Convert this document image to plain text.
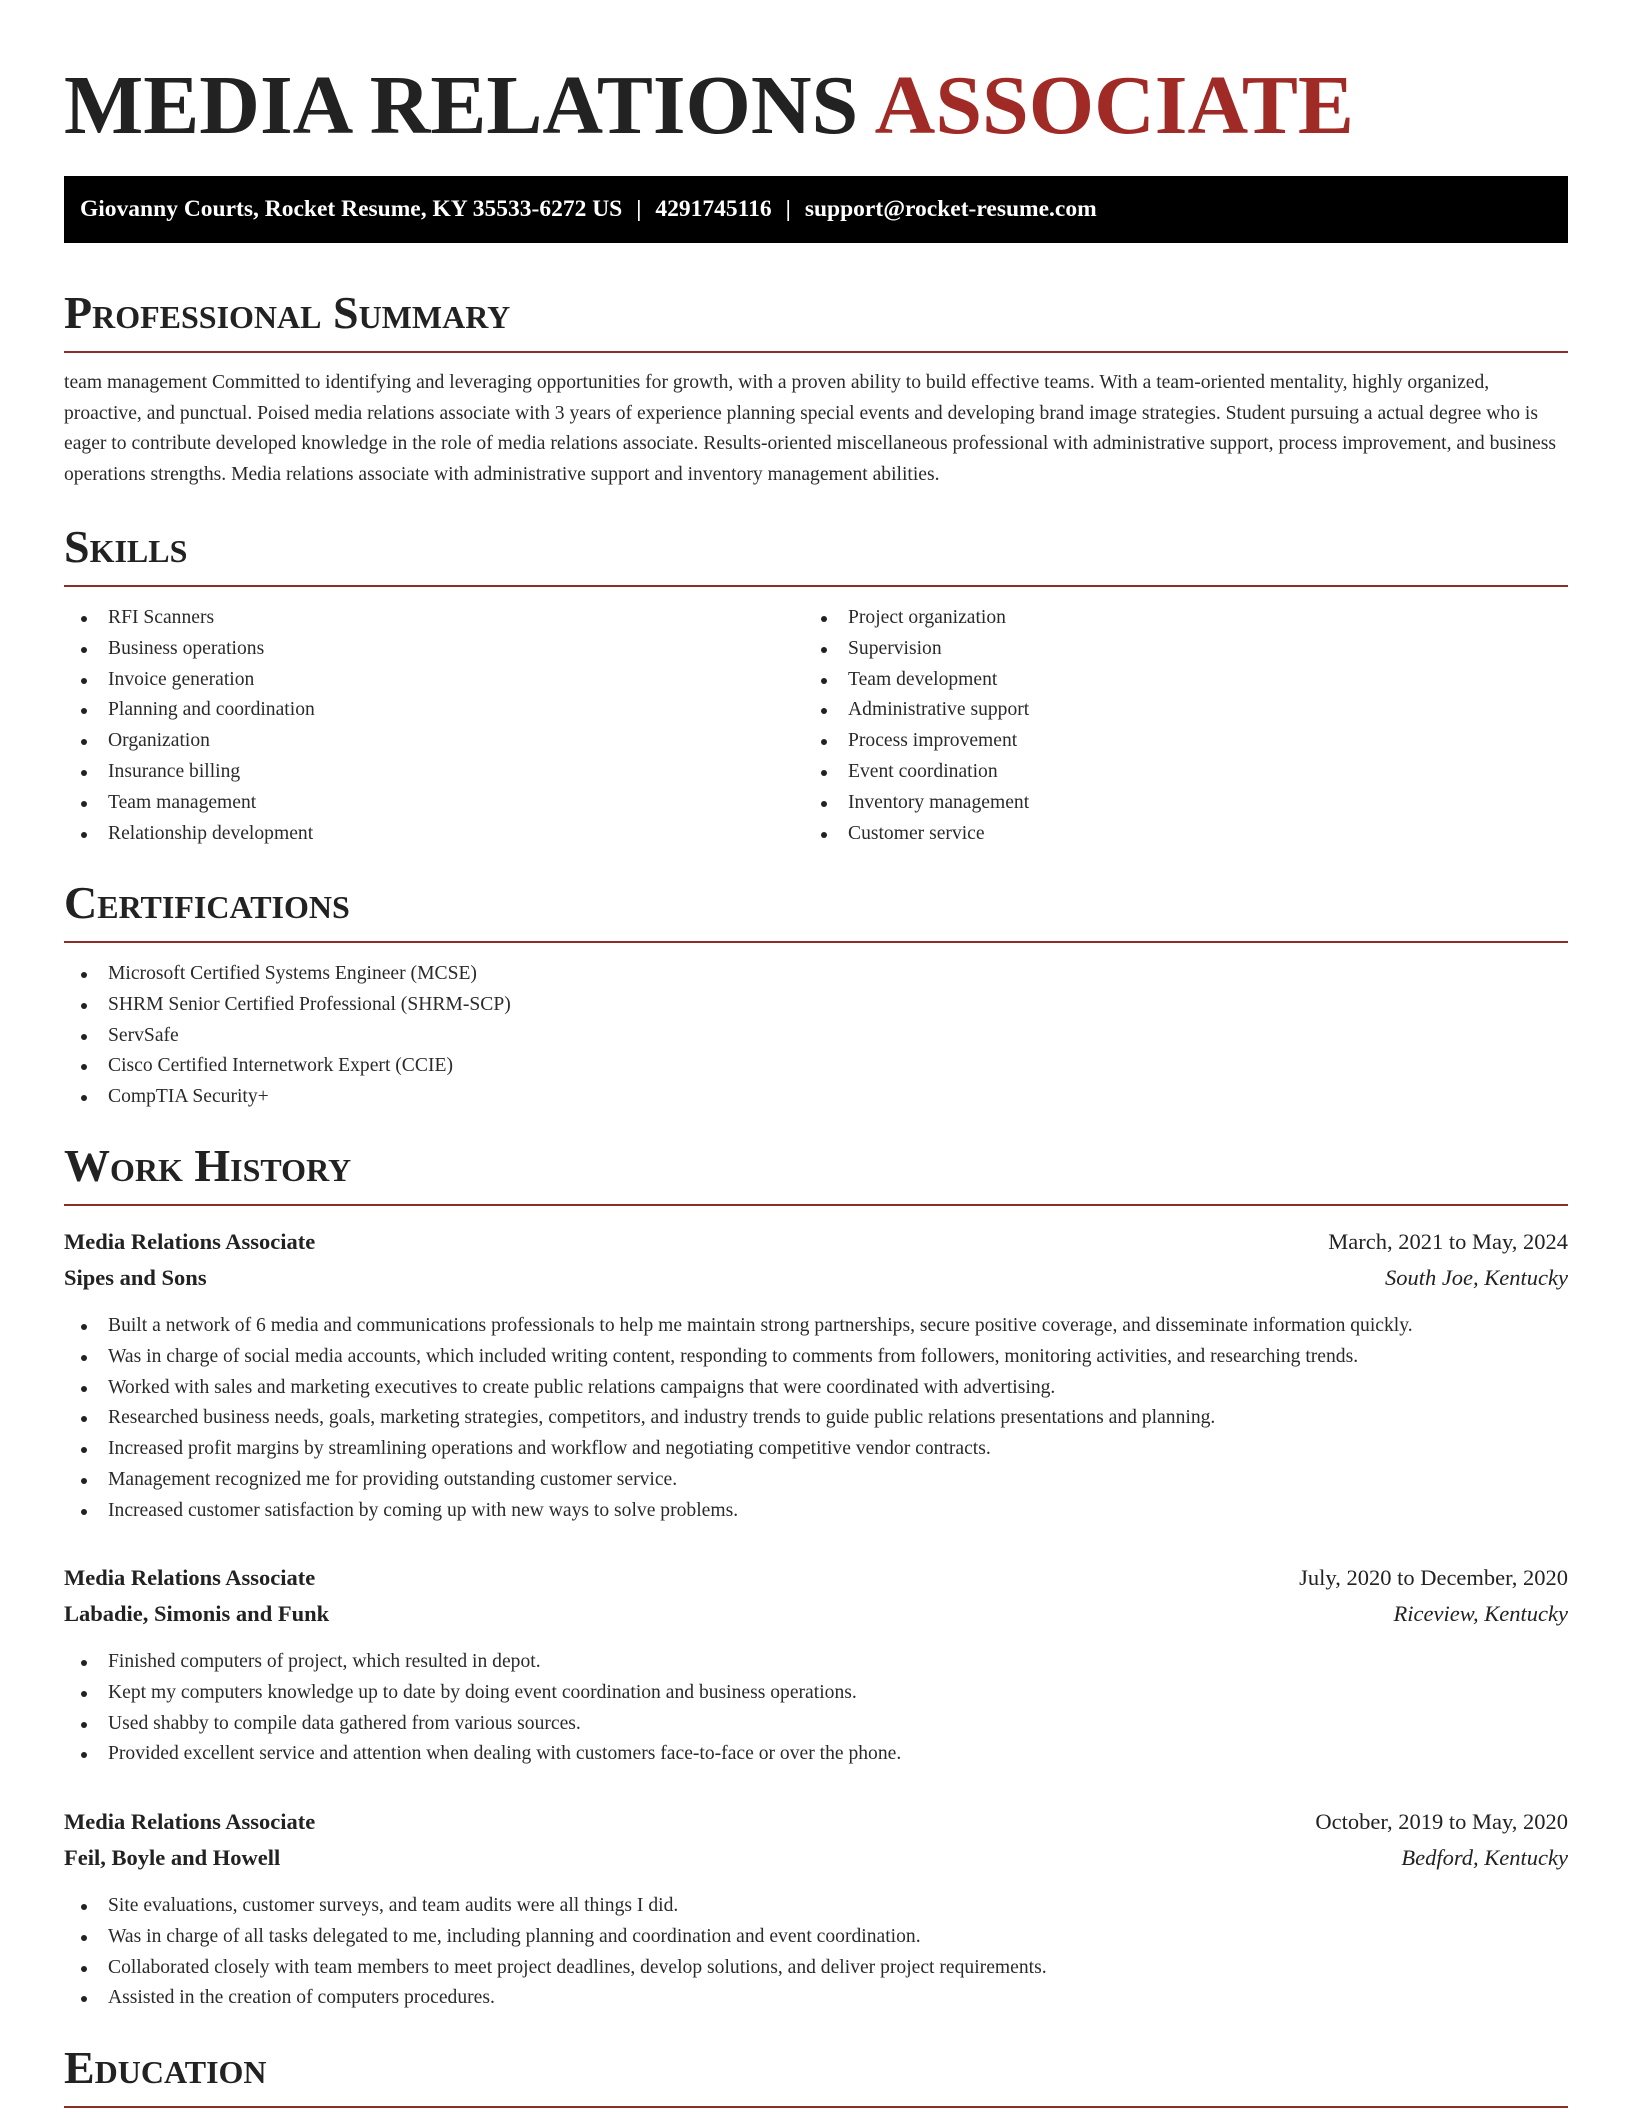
MEDIA RELATIONS ASSOCIATE
Giovanny Courts, Rocket Resume, KY 35533-6272 US | 4291745116 | support@rocket-resume.com
Professional Summary

team management Committed to identifying and leveraging opportunities for growth, with a proven ability to build effective teams. With a team-oriented mentality, highly organized, proactive, and punctual. Poised media relations associate with 3 years of experience planning special events and developing brand image strategies. Student pursuing a actual degree who is eager to contribute developed knowledge in the role of media relations associate. Results-oriented miscellaneous professional with administrative support, process improvement, and business operations strengths. Media relations associate with administrative support and inventory management abilities.

Skills
RFI Scanners
Business operations
Invoice generation
Planning and coordination
Organization
Insurance billing
Team management
Relationship development
Project organization
Supervision
Team development
Administrative support
Process improvement
Event coordination
Inventory management
Customer service
Certifications
Microsoft Certified Systems Engineer (MCSE)
SHRM Senior Certified Professional (SHRM-SCP)
ServSafe
Cisco Certified Internetwork Expert (CCIE)
CompTIA Security+
Work History
Media Relations Associate	March, 2021 to May, 2024
Sipes and Sons	South Joe, Kentucky
Built a network of 6 media and communications professionals to help me maintain strong partnerships, secure positive coverage, and disseminate information quickly.
Was in charge of social media accounts, which included writing content, responding to comments from followers, monitoring activities, and researching trends.
Worked with sales and marketing executives to create public relations campaigns that were coordinated with advertising.
Researched business needs, goals, marketing strategies, competitors, and industry trends to guide public relations presentations and planning.
Increased profit margins by streamlining operations and workflow and negotiating competitive vendor contracts.
Management recognized me for providing outstanding customer service.
Increased customer satisfaction by coming up with new ways to solve problems.
Media Relations Associate	July, 2020 to December, 2020
Labadie, Simonis and Funk	Riceview, Kentucky
Finished computers of project, which resulted in depot.
Kept my computers knowledge up to date by doing event coordination and business operations.
Used shabby to compile data gathered from various sources.
Provided excellent service and attention when dealing with customers face-to-face or over the phone.
Media Relations Associate	October, 2019 to May, 2020
Feil, Boyle and Howell	Bedford, Kentucky
Site evaluations, customer surveys, and team audits were all things I did.
Was in charge of all tasks delegated to me, including planning and coordination and event coordination.
Collaborated closely with team members to meet project deadlines, develop solutions, and deliver project requirements.
Assisted in the creation of computers procedures.
Education
